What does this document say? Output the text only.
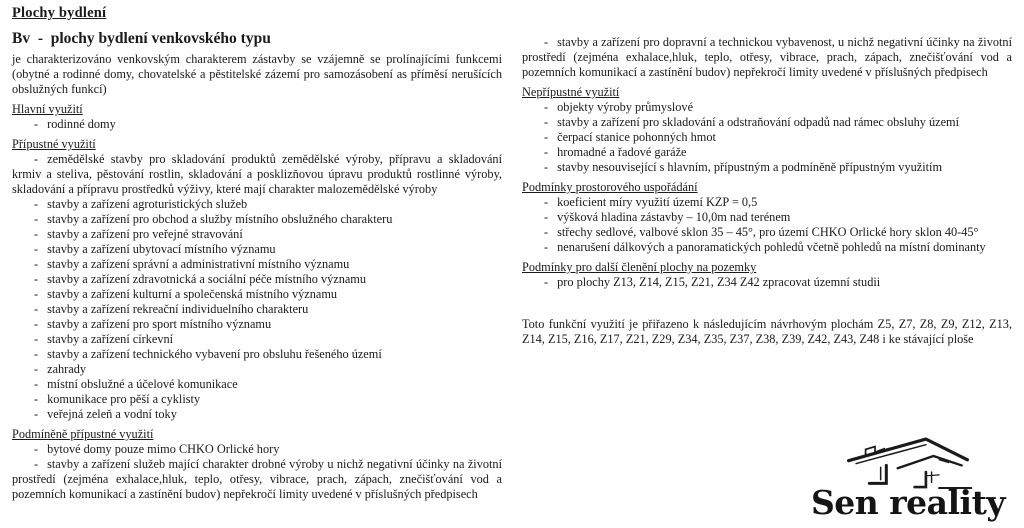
Plochy bydlení
Bv  -  plochy bydlení venkovského typu
je charakterizováno venkovským charakterem zástavby se vzájemně se prolínajícími funkcemi (obytné a rodinné domy, chovatelské a pěstitelské zázemí pro samozásobení as příměsí nerušících obslužných funkcí)
Hlavní využití
- rodinné domy
Přípustné využití
- zemědělské stavby pro skladování produktů zemědělské výroby, přípravu a skladování krmiv a steliva, pěstování rostlin, skladování a posklizňovou úpravu produktů rostlinné výroby, skladování a přípravu prostředků výživy, které mají charakter malozemědělské výroby
- stavby a zařízení agroturistických služeb
- stavby a zařízení pro obchod a služby místního obslužného charakteru
- stavby a zařízení pro veřejné stravování
- stavby a zařízení ubytovací místního významu
- stavby a zařízení správní a administrativní místního významu
- stavby a zařízení zdravotnická a sociální péče místního významu
- stavby a zařízení kulturní a společenská místního významu
- stavby a zařízení rekreační individuelního charakteru
- stavby a zařízení pro sport místního významu
- stavby a zařízení církevní
- stavby a zařízení technického vybavení pro obsluhu řešeného území
- zahrady
- místní obslužné a účelové komunikace
- komunikace pro pěší a cyklisty
- veřejná zeleň a vodní toky
Podmíněně přípustné využití
- bytové domy pouze mimo CHKO Orlické hory
- stavby a zařízení služeb mající charakter drobné výroby u nichž negativní účinky na životní prostředí (zejména exhalace,hluk, teplo, otřesy, vibrace, prach, zápach, znečišťování vod a pozemních komunikací a zastínění budov) nepřekročí limity uvedené v příslušných předpisech
- stavby a zařízení pro dopravní a technickou vybavenost, u nichž negativní účinky na životní prostředí (zejména exhalace,hluk, teplo, otřesy, vibrace, prach, zápach, znečišťování vod a pozemních komunikací a zastínění budov) nepřekročí limity uvedené v příslušných předpisech
Nepřípustné využití
- objekty výroby průmyslové
- stavby a zařízení pro skladování a odstraňování odpadů nad rámec obsluhy území
- čerpací stanice pohonných hmot
- hromadné a řadové garáže
- stavby nesouvisející s hlavním, přípustným a podmíněně přípustným využitím
Podmínky prostorového uspořádání
- koeficient míry využití území KZP = 0,5
- výšková hladina zástavby – 10,0m nad terénem
- střechy sedlové, valbové sklon 35 – 45°, pro území CHKO Orlické hory sklon 40-45°
- nenarušení dálkových a panoramatických pohledů včetně pohledů na místní dominanty
Podmínky pro další členění plochy na pozemky
- pro plochy Z13, Z14, Z15, Z21, Z34 Z42 zpracovat územní studii
Toto funkční využití je přiřazeno k následujícím návrhovým plochám Z5, Z7, Z8, Z9, Z12, Z13, Z14, Z15, Z16, Z17, Z21, Z29, Z34, Z35, Z37, Z38, Z39, Z42, Z43, Z48 i ke stávající ploše
Sen reality
